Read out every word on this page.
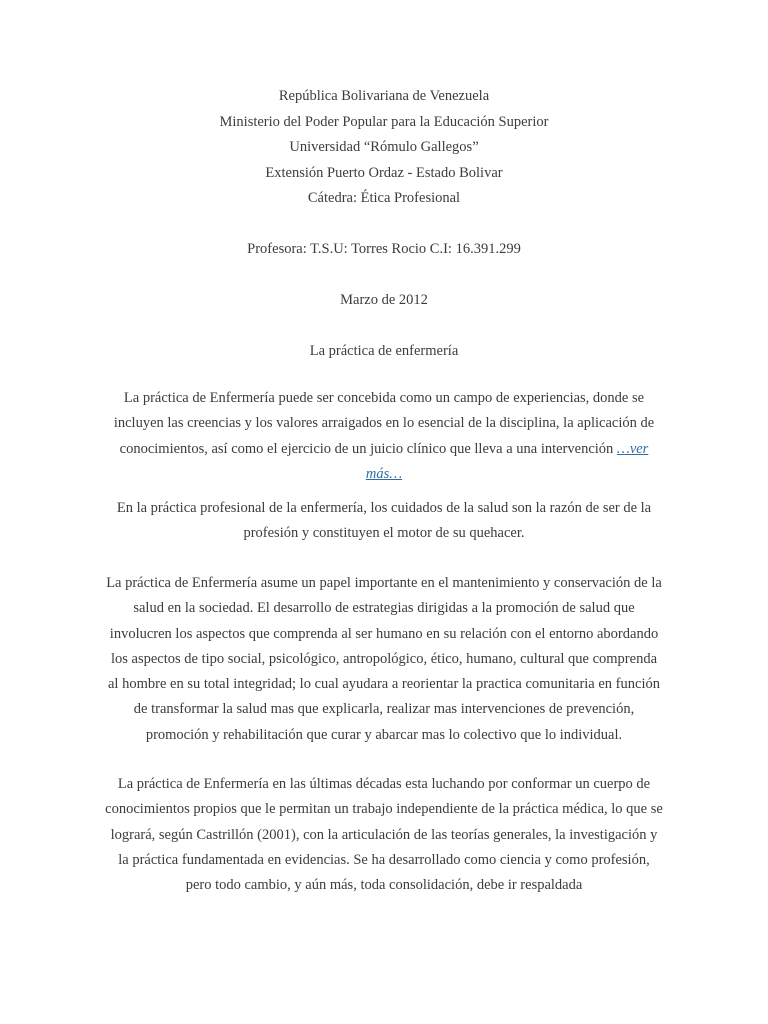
República Bolivariana de Venezuela
Ministerio del Poder Popular para la Educación Superior
Universidad “Rómulo Gallegos”
Extensión Puerto Ordaz - Estado Bolivar
Cátedra: Ética Profesional
Profesora: T.S.U: Torres Rocio C.I: 16.391.299
Marzo de 2012
La práctica de enfermería
La práctica de Enfermería puede ser concebida como un campo de experiencias, donde se incluyen las creencias y los valores arraigados en lo esencial de la disciplina, la aplicación de conocimientos, así como el ejercicio de un juicio clínico que lleva a una intervención …ver más…
En la práctica profesional de la enfermería, los cuidados de la salud son la razón de ser de la profesión y constituyen el motor de su quehacer.
La práctica de Enfermería asume un papel importante en el mantenimiento y conservación de la salud en la sociedad. El desarrollo de estrategias dirigidas a la promoción de salud que involucren los aspectos que comprenda al ser humano en su relación con el entorno abordando los aspectos de tipo social, psicológico, antropológico, ético, humano, cultural que comprenda al hombre en su total integridad; lo cual ayudara a reorientar la practica comunitaria en función de transformar la salud mas que explicarla, realizar mas intervenciones de prevención, promoción y rehabilitación que curar y abarcar mas lo colectivo que lo individual.
La práctica de Enfermería en las últimas décadas esta luchando por conformar un cuerpo de conocimientos propios que le permitan un trabajo independiente de la práctica médica, lo que se logrará, según Castrillón (2001), con la articulación de las teorías generales, la investigación y la práctica fundamentada en evidencias. Se ha desarrollado como ciencia y como profesión, pero todo cambio, y aún más, toda consolidación, debe ir respaldada
